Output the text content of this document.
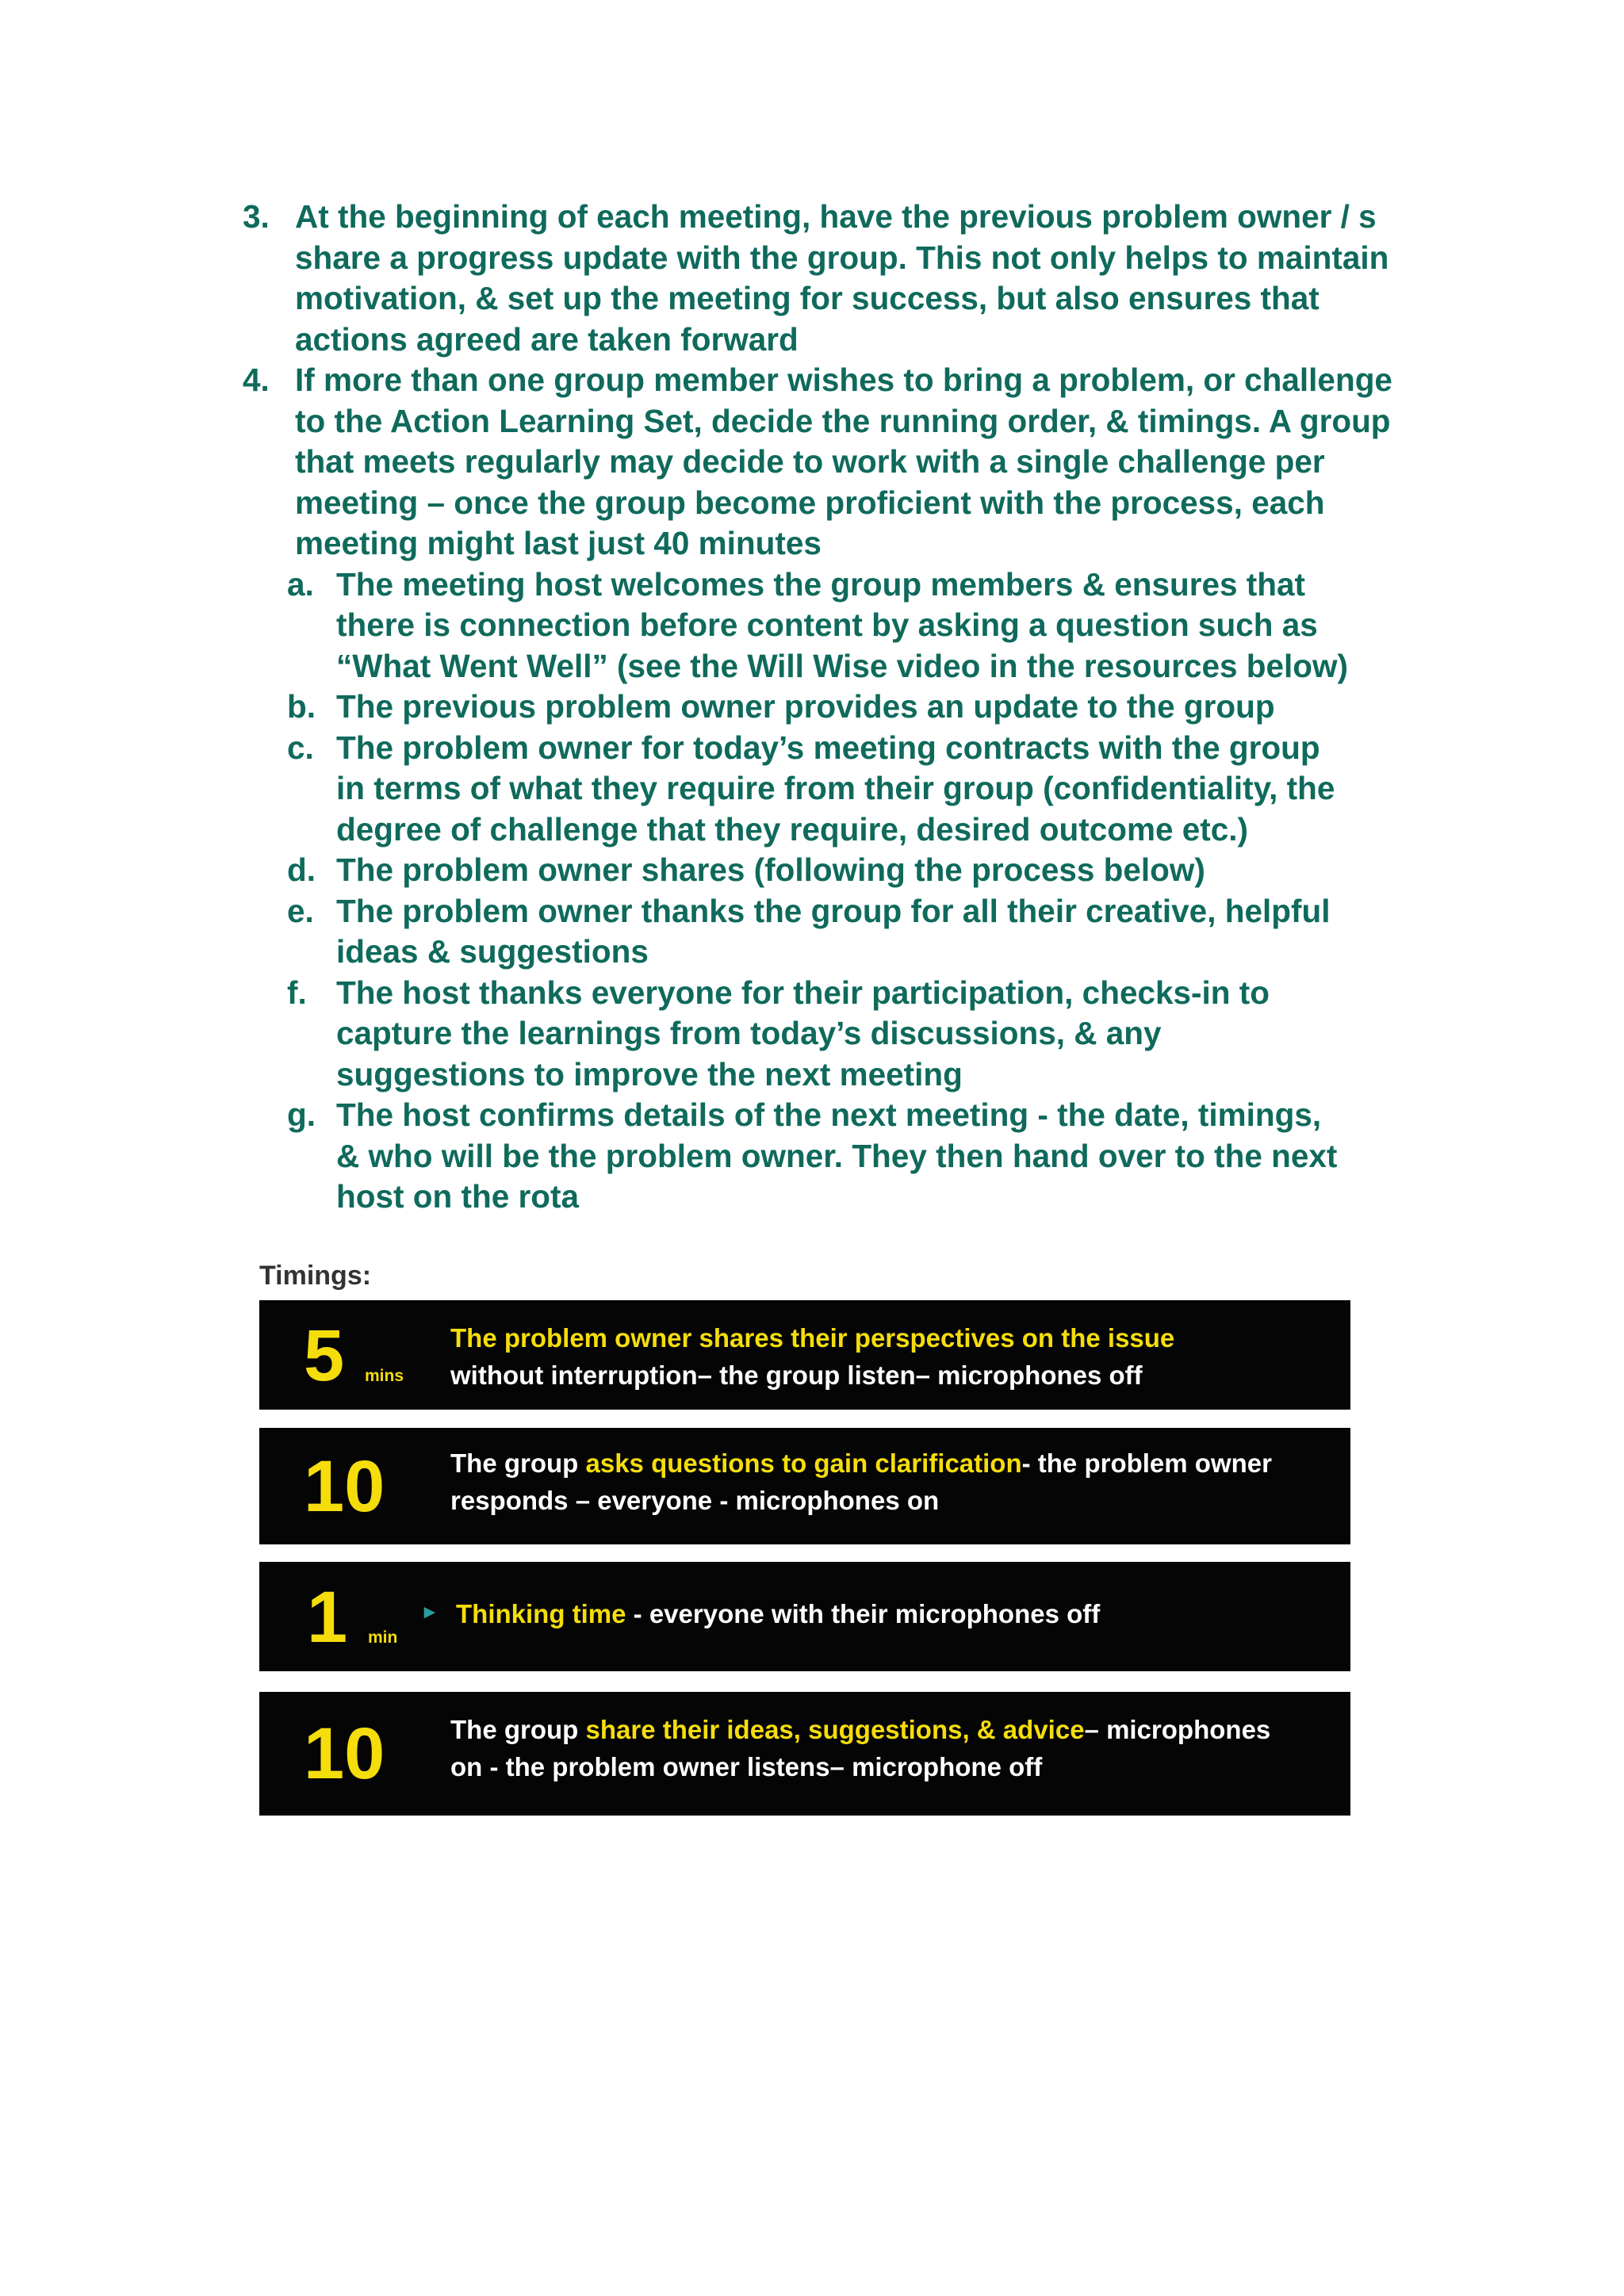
3. At the beginning of each meeting, have the previous problem owner / s
share a progress update with the group. This not only helps to maintain
motivation, & set up the meeting for success, but also ensures that
actions agreed are taken forward
4. If more than one group member wishes to bring a problem, or challenge
to the Action Learning Set, decide the running order, & timings. A group
that meets regularly may decide to work with a single challenge per
meeting – once the group become proficient with the process, each
meeting might last just 40 minutes
a. The meeting host welcomes the group members & ensures that
there is connection before content by asking a question such as
“What Went Well” (see the Will Wise video in the resources below)
b. The previous problem owner provides an update to the group
c. The problem owner for today’s meeting contracts with the group
in terms of what they require from their group (confidentiality, the
degree of challenge that they require, desired outcome etc.)
d. The problem owner shares (following the process below)
e. The problem owner thanks the group for all their creative, helpful
ideas & suggestions
f. The host thanks everyone for their participation, checks-in to
capture the learnings from today’s discussions, & any
suggestions to improve the next meeting
g. The host confirms details of the next meeting - the date, timings,
& who will be the problem owner. They then hand over to the next
host on the rota
Timings:
5 mins
The problem owner shares their perspectives on the issue
without interruption– the group listen– microphones off
10	The group asks questions to gain clarification- the problem owner
responds – everyone - microphones on
1 min
► Thinking time - everyone with their microphones off
10	The group share their ideas, suggestions, & advice– microphones
on - the problem owner listens– microphone off
